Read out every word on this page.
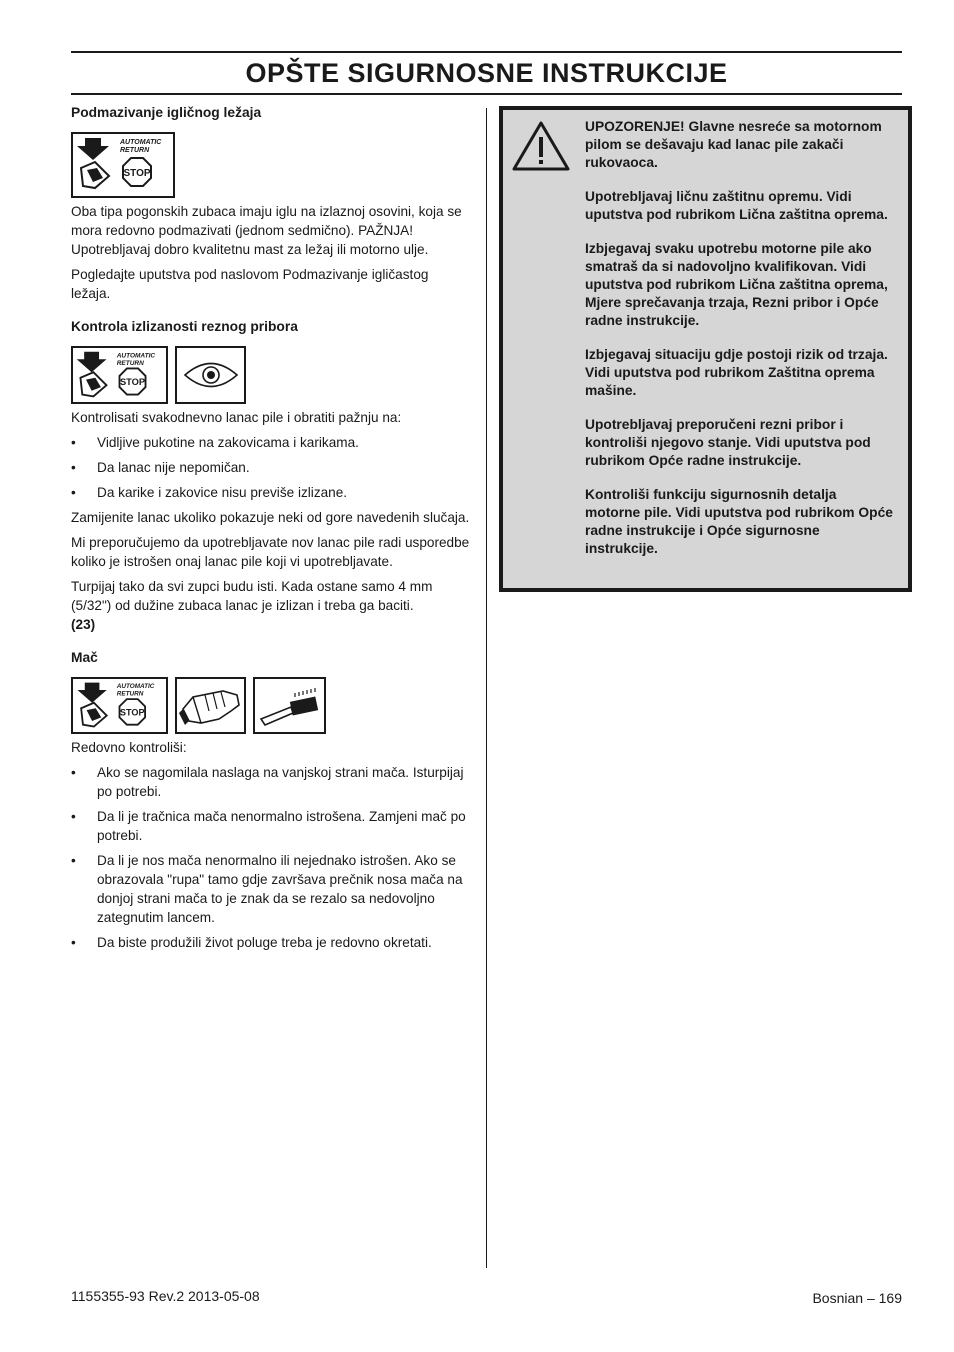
OPŠTE SIGURNOSNE INSTRUKCIJE
Podmazivanje igličnog ležaja
AUTOMATIC
RETURN
STOP

Oba tipa pogonskih zubaca imaju iglu na izlaznoj osovini, koja se mora redovno podmazivati (jednom sedmično). PAŽNJA! Upotrebljavaj dobro kvalitetnu mast za ležaj ili motorno ulje.

Pogledajte uputstva pod naslovom Podmazivanje igličastog ležaja.

Kontrola izlizanosti reznog pribora
AUTOMATIC
RETURN
STOP

Kontrolisati svakodnevno lanac pile i obratiti pažnju na:

• Vidljive pukotine na zakovicama i karikama.
• Da lanac nije nepomičan.
• Da karike i zakovice nisu previše izlizane.

Zamijenite lanac ukoliko pokazuje neki od gore navedenih slučaja.

Mi preporučujemo da upotrebljavate nov lanac pile radi usporedbe koliko je istrošen onaj lanac pile koji vi upotrebljavate.

Turpijaj tako da svi zupci budu isti. Kada ostane samo 4 mm (5/32") od dužine zubaca lanac je izlizan i treba ga baciti.
(23)

Mač
AUTOMATIC
RETURN
STOP

Redovno kontroliši:

• Ako se nagomilala naslaga na vanjskoj strani mača. Isturpijaj po potrebi.
• Da li je tračnica mača nenormalno istrošena. Zamjeni mač po potrebi.
• Da li je nos mača nenormalno ili nejednako istrošen. Ako se obrazovala "rupa" tamo gdje završava prečnik nosa mača na donjoj strani mača to je znak da se rezalo sa nedovoljno zategnutim lancem.
• Da biste produžili život poluge treba je redovno okretati.

UPOZORENJE! Glavne nesreće sa motornom pilom se dešavaju kad lanac pile zakači rukovaoca.

Upotrebljavaj ličnu zaštitnu opremu. Vidi uputstva pod rubrikom Lična zaštitna oprema.

Izbjegavaj svaku upotrebu motorne pile ako smatraš da si nadovoljno kvalifikovan. Vidi uputstva pod rubrikom Lična zaštitna oprema, Mjere sprečavanja trzaja, Rezni pribor i Opće radne instrukcije.

Izbjegavaj situaciju gdje postoji rizik od trzaja. Vidi uputstva pod rubrikom Zaštitna oprema mašine.

Upotrebljavaj preporučeni rezni pribor i kontroliši njegovo stanje. Vidi uputstva pod rubrikom Opće radne instrukcije.

Kontroliši funkciju sigurnosnih detalja motorne pile. Vidi uputstva pod rubrikom Opće radne instrukcije i Opće sigurnosne instrukcije.

1155355-93 Rev.2 2013-05-08	Bosnian – 169
